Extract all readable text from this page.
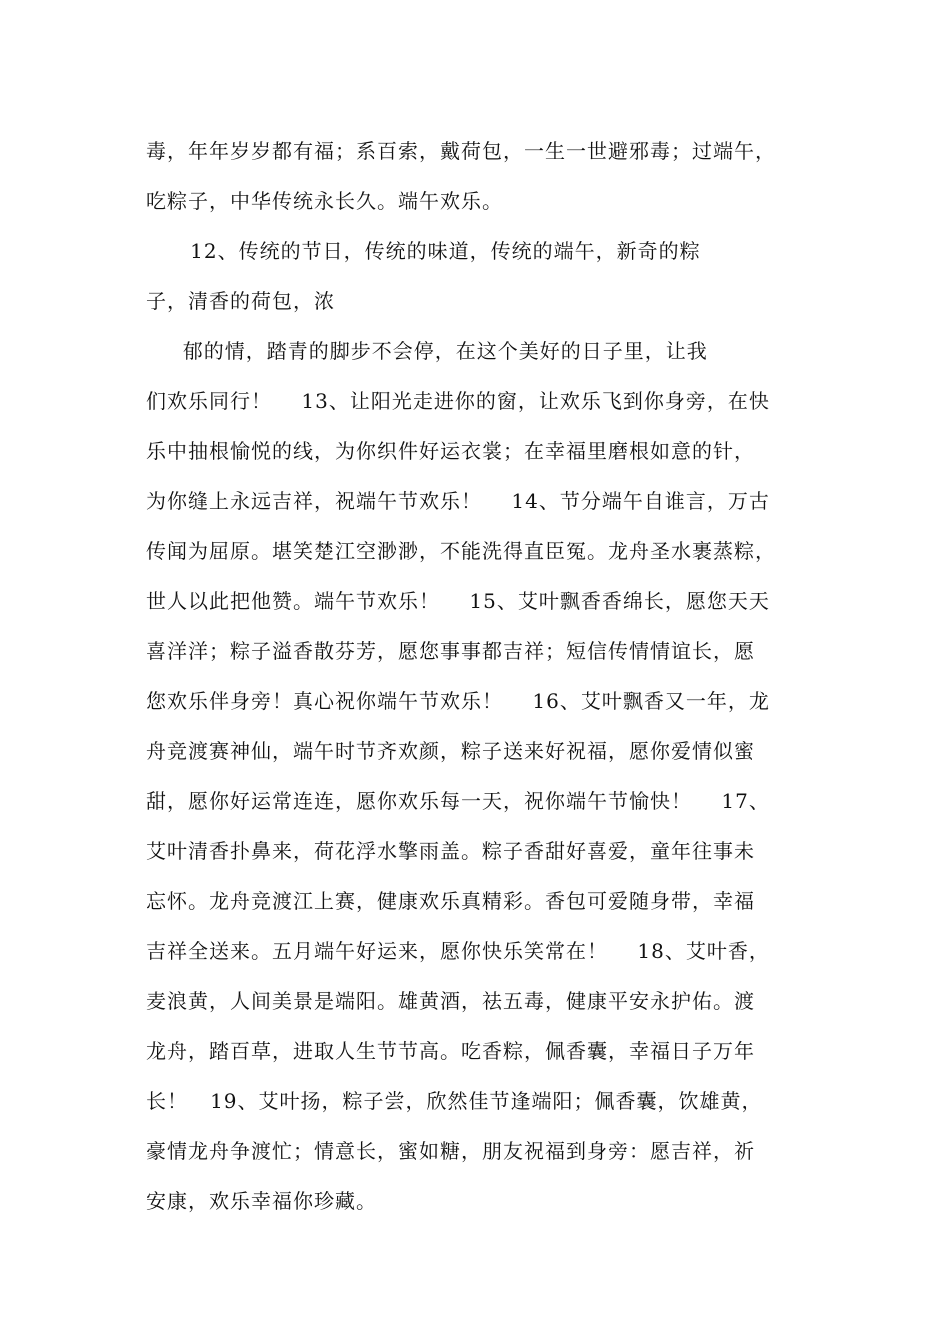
毒，年年岁岁都有福；系百索，戴荷包，一生一世避邪毒；过端午，
吃粽子，中华传统永长久。端午欢乐。
12、传统的节日，传统的味道，传统的端午，新奇的粽
子，清香的荷包，浓
郁的情，踏青的脚步不会停，在这个美好的日子里，让我
们欢乐同行！    13、让阳光走进你的窗，让欢乐飞到你身旁，在快
乐中抽根愉悦的线，为你织件好运衣裳；在幸福里磨根如意的针，
为你缝上永远吉祥，祝端午节欢乐！    14、节分端午自谁言，万古
传闻为屈原。堪笑楚江空渺渺，不能洗得直臣冤。龙舟圣水裹蒸粽，
世人以此把他赞。端午节欢乐！    15、艾叶飘香香绵长，愿您天天
喜洋洋；粽子溢香散芬芳，愿您事事都吉祥；短信传情情谊长，愿
您欢乐伴身旁！真心祝你端午节欢乐！    16、艾叶飘香又一年，龙
舟竞渡赛神仙，端午时节齐欢颜，粽子送来好祝福，愿你爱情似蜜
甜，愿你好运常连连，愿你欢乐每一天，祝你端午节愉快！    17、
艾叶清香扑鼻来，荷花浮水擎雨盖。粽子香甜好喜爱，童年往事未
忘怀。龙舟竞渡江上赛，健康欢乐真精彩。香包可爱随身带，幸福
吉祥全送来。五月端午好运来，愿你快乐笑常在！    18、艾叶香，
麦浪黄，人间美景是端阳。雄黄酒，祛五毒，健康平安永护佑。渡
龙舟，踏百草，进取人生节节高。吃香粽，佩香囊，幸福日子万年
长！   19、艾叶扬，粽子尝，欣然佳节逢端阳；佩香囊，饮雄黄，
豪情龙舟争渡忙；情意长，蜜如糖，朋友祝福到身旁：愿吉祥，祈
安康，欢乐幸福你珍藏。
